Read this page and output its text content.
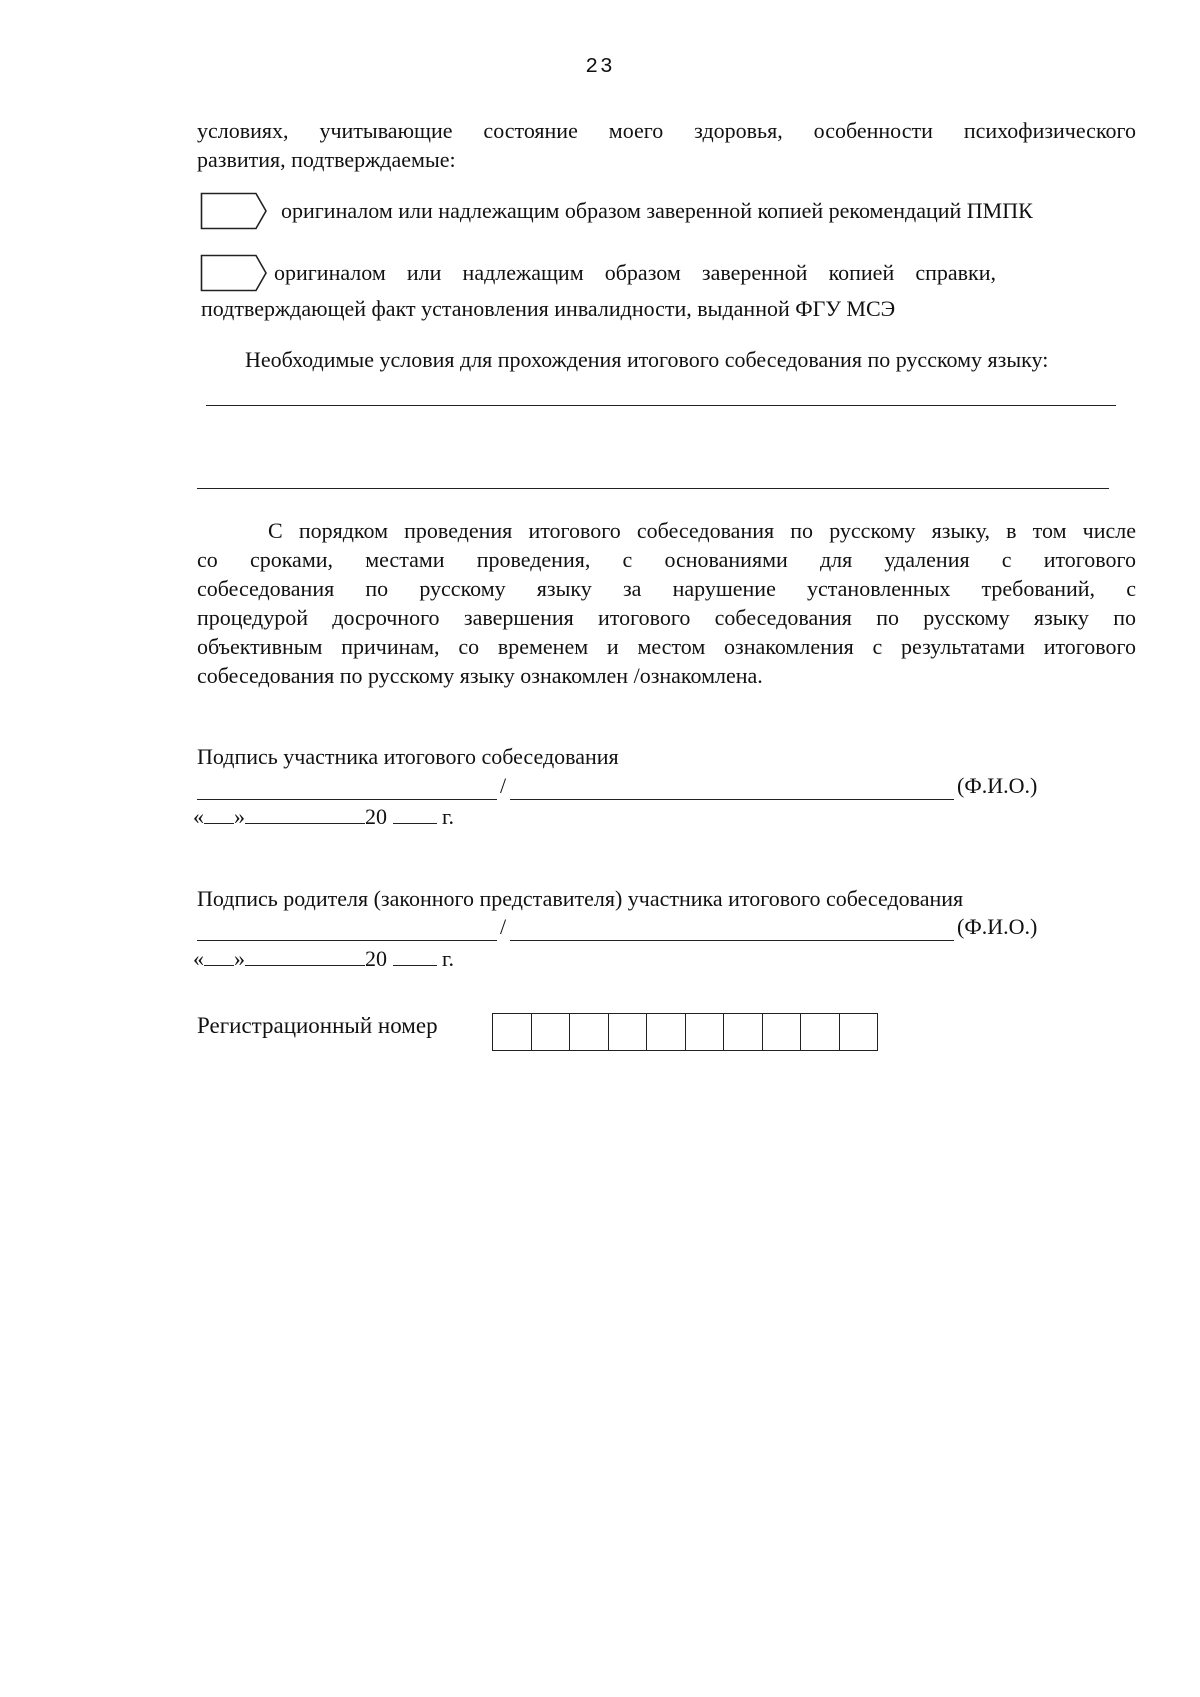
23
условиях, учитывающие состояние моего здоровья, особенности психофизического
развития, подтверждаемые:
оригиналом или надлежащим образом заверенной копией рекомендаций ПМПК
оригиналом или надлежащим образом заверенной копией справки,
подтверждающей факт установления инвалидности, выданной ФГУ МСЭ
Необходимые условия для прохождения итогового собеседования по русскому языку:
С порядком проведения итогового собеседования по русскому языку, в том числе
со сроками, местами проведения, с основаниями для удаления с итогового
собеседования по русскому языку за нарушение установленных требований, с
процедурой досрочного завершения итогового собеседования по русскому языку по
объективным причинам, со временем и местом ознакомления с результатами итогового
собеседования по русскому языку ознакомлен /ознакомлена.
Подпись участника итогового собеседования
/	(Ф.И.О.)
« »	20	г.
Подпись родителя (законного представителя) участника итогового собеседования
/	(Ф.И.О.)
« »	20	г.
Регистрационный номер
